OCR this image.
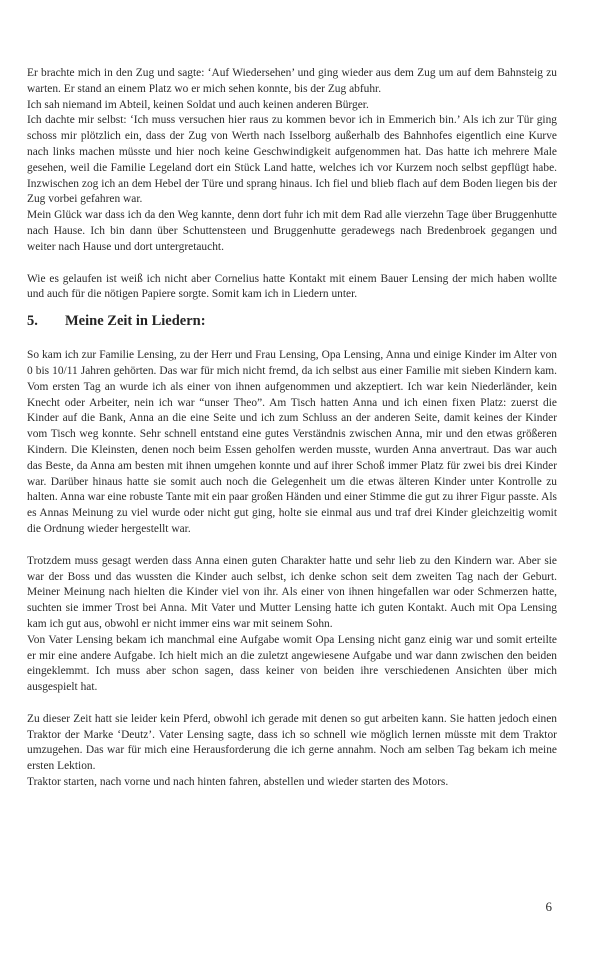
Er brachte mich in den Zug und sagte: ‘Auf Wiedersehen’ und ging wieder aus dem Zug um auf dem Bahnsteig zu warten. Er stand an einem Platz wo er mich sehen konnte, bis der Zug abfuhr.

Ich sah niemand im Abteil, keinen Soldat und auch keinen anderen Bürger.

Ich dachte mir selbst: ‘Ich muss versuchen hier raus zu kommen bevor ich in Emmerich bin.’ Als ich zur Tür ging schoss mir plötzlich ein, dass der Zug von Werth nach Isselborg außerhalb des Bahnhofes eigentlich eine Kurve nach links machen müsste und hier noch keine Geschwindigkeit aufgenommen hat. Das hatte ich mehrere Male gesehen, weil die Familie Legeland dort ein Stück Land hatte, welches ich vor Kurzem noch selbst gepflügt habe. Inzwischen zog ich an dem Hebel der Türe und sprang hinaus. Ich fiel und blieb flach auf dem Boden liegen bis der Zug vorbei gefahren war.

Mein Glück war dass ich da den Weg kannte, denn dort fuhr ich mit dem Rad alle vierzehn Tage über Bruggenhutte nach Hause. Ich bin dann über Schuttensteen und Bruggenhutte geradewegs nach Bredenbroek gegangen und weiter nach Hause und dort untergretaucht.

Wie es gelaufen ist weiß ich nicht aber Cornelius hatte Kontakt mit einem Bauer Lensing der mich haben wollte und auch für die nötigen Papiere sorgte. Somit kam ich in Liedern unter.

5.	Meine Zeit in Liedern:

So kam ich zur Familie Lensing, zu der Herr und Frau Lensing, Opa Lensing, Anna und einige Kinder im Alter von 0 bis 10/11 Jahren gehörten. Das war für mich nicht fremd, da ich selbst aus einer Familie mit sieben Kindern kam. Vom ersten Tag an wurde ich als einer von ihnen aufgenommen und akzeptiert. Ich war kein Niederländer, kein Knecht oder Arbeiter, nein ich war “unser Theo”. Am Tisch hatten Anna und ich einen fixen Platz: zuerst die Kinder auf die Bank, Anna an die eine Seite und ich zum Schluss an der anderen Seite, damit keines der Kinder vom Tisch weg konnte. Sehr schnell entstand eine gutes Verständnis zwischen Anna, mir und den etwas größeren Kindern. Die Kleinsten, denen noch beim Essen geholfen werden musste, wurden Anna anvertraut. Das war auch das Beste, da Anna am besten mit ihnen umgehen konnte und auf ihrer Schoß immer Platz für zwei bis drei Kinder war. Darüber hinaus hatte sie somit auch noch die Gelegenheit um die etwas älteren Kinder unter Kontrolle zu halten. Anna war eine robuste Tante mit ein paar großen Händen und einer Stimme die gut zu ihrer Figur passte. Als es Annas Meinung zu viel wurde oder nicht gut ging, holte sie einmal aus und traf drei Kinder gleichzeitig womit die Ordnung wieder hergestellt war.

Trotzdem muss gesagt werden dass Anna einen guten Charakter hatte und sehr lieb zu den Kindern war. Aber sie war der Boss und das wussten die Kinder auch selbst, ich denke schon seit dem zweiten Tag nach der Geburt. Meiner Meinung nach hielten die Kinder viel von ihr. Als einer von ihnen hingefallen war oder Schmerzen hatte, suchten sie immer Trost bei Anna. Mit Vater und Mutter Lensing hatte ich guten Kontakt. Auch mit Opa Lensing kam ich gut aus, obwohl er nicht immer eins war mit seinem Sohn.

Von Vater Lensing bekam ich manchmal eine Aufgabe womit Opa Lensing nicht ganz einig war und somit erteilte er mir eine andere Aufgabe. Ich hielt mich an die zuletzt angewiesene Aufgabe und war dann zwischen den beiden eingeklemmt. Ich muss aber schon sagen, dass keiner von beiden ihre verschiedenen Ansichten über mich ausgespielt hat.

Zu dieser Zeit hatt sie leider kein Pferd, obwohl ich gerade mit denen so gut arbeiten kann. Sie hatten jedoch einen Traktor der Marke ‘Deutz’. Vater Lensing sagte, dass ich so schnell wie möglich lernen müsste mit dem Traktor umzugehen. Das war für mich eine Herausforderung die ich gerne annahm. Noch am selben Tag bekam ich meine ersten Lektion.

Traktor starten, nach vorne und nach hinten fahren, abstellen und wieder starten des Motors.

6
